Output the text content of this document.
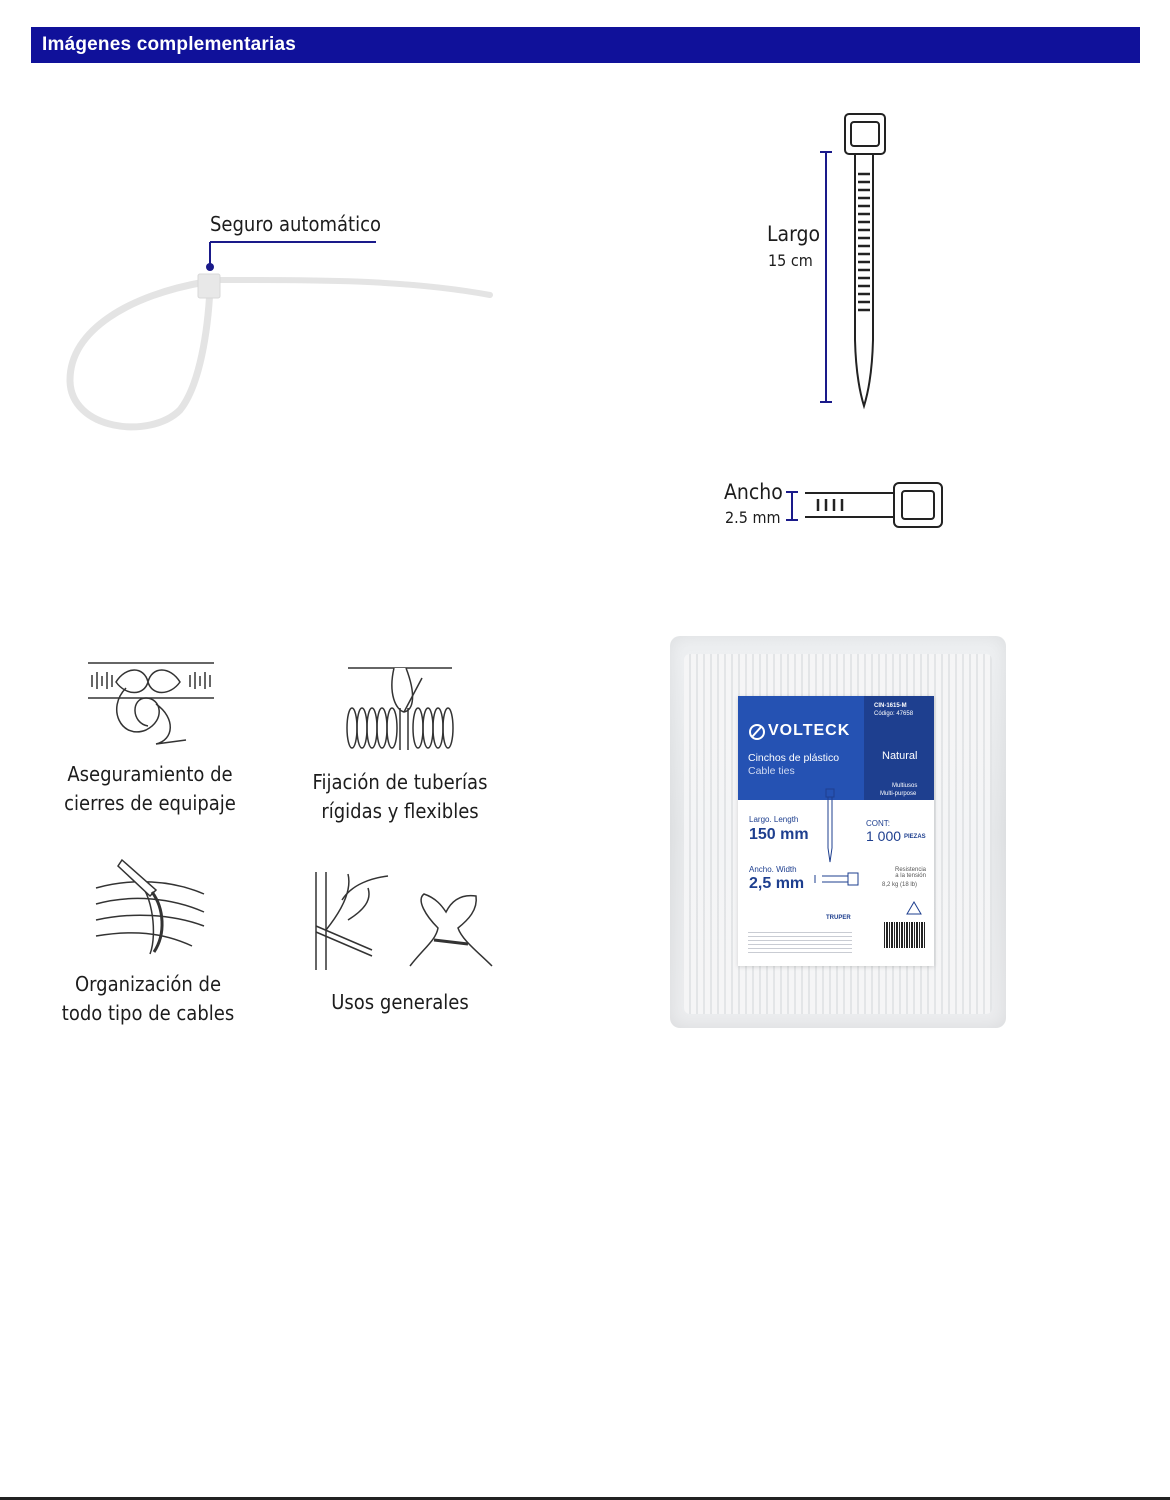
Imágenes complementarias
Seguro automático	Largo
15 cm
Ancho
2.5 mm
Aseguramiento de
cierres de equipaje
Fijación de tuberías
rígidas y flexibles
Organización de
todo tipo de cables	Usos generales
VOLTECK
Cinchos de plástico
Cable ties
CIN-1615-M
Código: 47658
Natural
Multiusos
Multi-purpose
Largo. Length
150 mm
Ancho. Width
2,5 mm
CONT:
1 000 PIEZAS
Resistencia
a la tensión
8,2 kg (18 lb)
TRUPER
